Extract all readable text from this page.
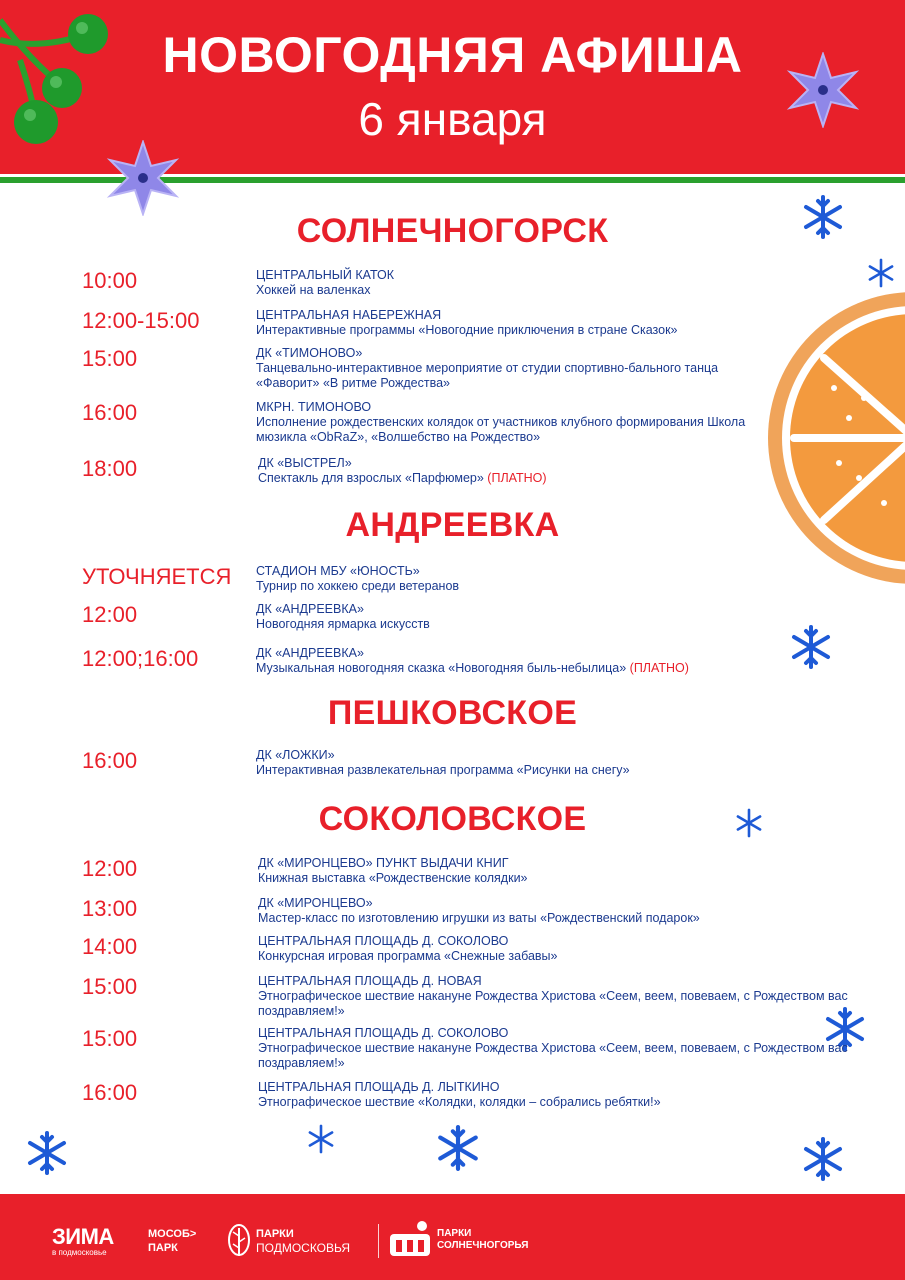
НОВОГОДНЯЯ АФИША
6 января
СОЛНЕЧНОГОРСК
10:00	ЦЕНТРАЛЬНЫЙ КАТОК
Хоккей на валенках
12:00-15:00	ЦЕНТРАЛЬНАЯ НАБЕРЕЖНАЯ
Интерактивные программы «Новогодние приключения в стране Сказок»
15:00	ДК «ТИМОНОВО»
Танцевально-интерактивное мероприятие от студии спортивно-бального танца «Фаворит» «В ритме Рождества»
16:00	МКРН. ТИМОНОВО
Исполнение рождественских колядок от участников клубного формирования Школа мюзикла «ObRaZ», «Волшебство на Рождество»
18:00	ДК «ВЫСТРЕЛ»
Спектакль для взрослых «Парфюмер» (ПЛАТНО)
АНДРЕЕВКА
УТОЧНЯЕТСЯ СТАДИОН МБУ «ЮНОСТЬ»
Турнир по хоккею среди ветеранов
12:00	ДК «АНДРЕЕВКА»
Новогодняя ярмарка искусств
12:00;16:00	ДК «АНДРЕЕВКА»
Музыкальная новогодняя сказка «Новогодняя быль-небылица» (ПЛАТНО)
ПЕШКОВСКОЕ
16:00	ДК «ЛОЖКИ»
Интерактивная развлекательная программа «Рисунки на снегу»
СОКОЛОВСКОЕ
12:00	ДК «МИРОНЦЕВО» ПУНКТ ВЫДАЧИ КНИГ
Книжная выставка «Рождественские колядки»
13:00	ДК «МИРОНЦЕВО»
Мастер-класс по изготовлению игрушки из ваты «Рождественский подарок»
14:00	ЦЕНТРАЛЬНАЯ ПЛОЩАДЬ Д. СОКОЛОВО
Конкурсная игровая программа «Снежные забавы»
15:00	ЦЕНТРАЛЬНАЯ ПЛОЩАДЬ Д. НОВАЯ
Этнографическое шествие накануне Рождества Христова «Сеем, веем, повеваем, с Рождеством вас поздравляем!»
15:00	ЦЕНТРАЛЬНАЯ ПЛОЩАДЬ Д. СОКОЛОВО
Этнографическое шествие накануне Рождества Христова «Сеем, веем, повеваем, с Рождеством вас поздравляем!»
16:00	ЦЕНТРАЛЬНАЯ ПЛОЩАДЬ Д. ЛЫТКИНО
Этнографическое шествие «Колядки, колядки – собрались ребятки!»
ЗИМА
в подмосковье
МОСОБ>
ПАРК
ПАРКИ
ПОДМОСКОВЬЯ
ПАРКИ
СОЛНЕЧНОГОРЬЯ
